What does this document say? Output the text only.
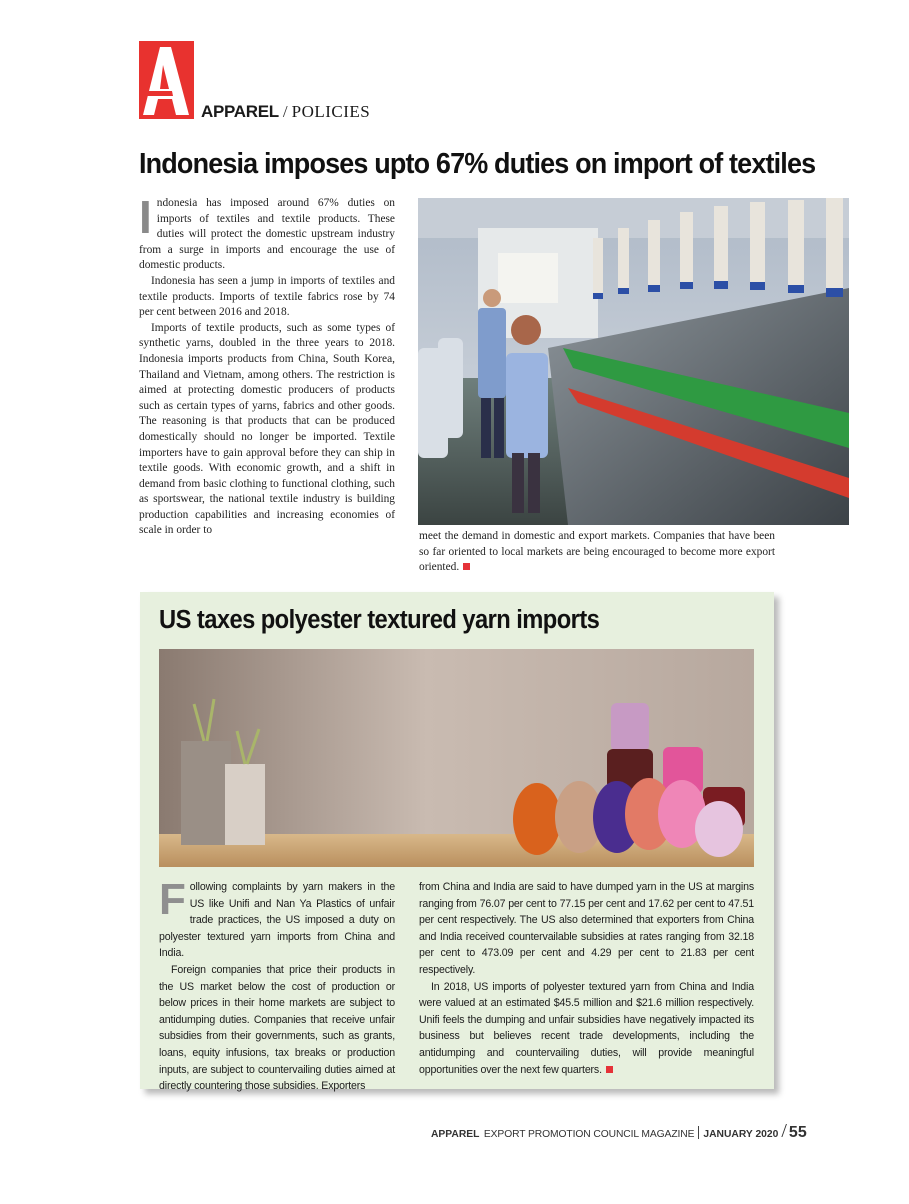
APPAREL / POLICIES
Indonesia imposes upto 67% duties on import of textiles

Indonesia has imposed around 67% duties on imports of textiles and textile products. These duties will protect the domestic upstream industry from a surge in imports and encourage the use of domestic products.

Indonesia has seen a jump in imports of textiles and textile products. Imports of textile fabrics rose by 74 per cent between 2016 and 2018.

Imports of textile products, such as some types of synthetic yarns, doubled in the three years to 2018. Indonesia imports products from China, South Korea, Thailand and Vietnam, among others. The restriction is aimed at protecting domestic producers of products such as certain types of yarns, fabrics and other goods. The reasoning is that products that can be produced domestically should no longer be imported. Textile importers have to gain approval before they can ship in textile goods. With economic growth, and a shift in demand from basic clothing to functional clothing, such as sportswear, the national textile industry is building production capabilities and increasing economies of scale in order to	meet the demand in domestic and export markets. Companies that have been so far oriented to local markets are being encouraged to become more export oriented.

US taxes polyester textured yarn imports

Following complaints by yarn makers in the US like Unifi and Nan Ya Plastics of unfair trade practices, the US imposed a duty on polyester textured yarn imports from China and India.

Foreign companies that price their products in the US market below the cost of production or below prices in their home markets are subject to antidumping duties. Companies that receive unfair subsidies from their governments, such as grants, loans, equity infusions, tax breaks or production inputs, are subject to countervailing duties aimed at directly countering those subsidies. Exporters

from China and India are said to have dumped yarn in the US at margins ranging from 76.07 per cent to 77.15 per cent and 17.62 per cent to 47.51 per cent respectively. The US also determined that exporters from China and India received countervailable subsidies at rates ranging from 32.18 per cent to 473.09 per cent and 4.29 per cent to 21.83 per cent respectively.

In 2018, US imports of polyester textured yarn from China and India were valued at an estimated $45.5 million and $21.6 million respectively. Unifi feels the dumping and unfair subsidies have negatively impacted its business but believes recent trade developments, including the antidumping and countervailing duties, will provide meaningful opportunities over the next few quarters.

APPAREL EXPORT PROMOTION COUNCIL MAGAZINE JANUARY 2020 / 55
